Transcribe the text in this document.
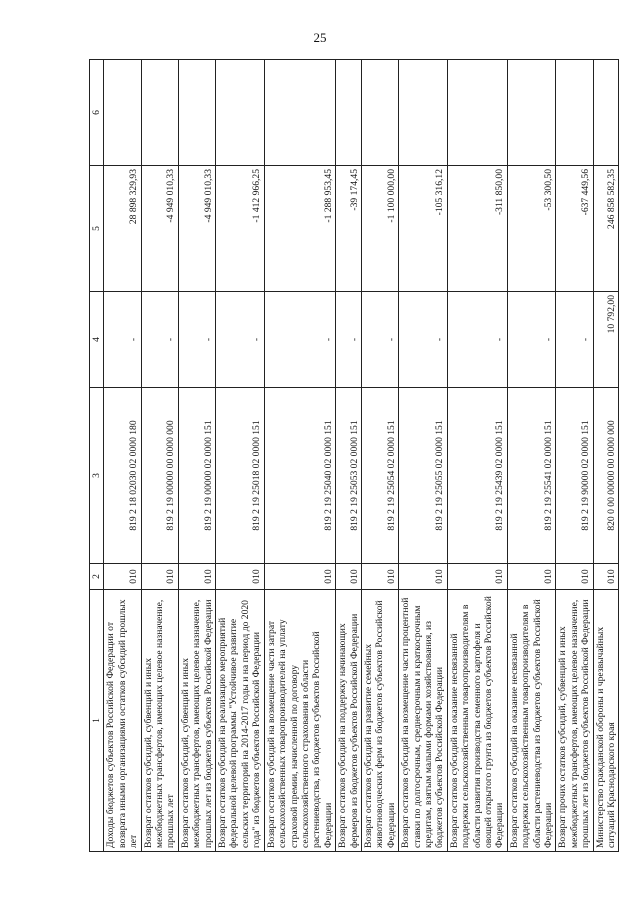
25
1	2	3	4	5	6
Доходы бюджетов субъектов Российской Федерации от возврата иными организациями остатков субсидий прошлых лет	010	819 2 18 02030 02 0000 180	-	28 898 329,93	
Возврат остатков субсидий, субвенций и иных межбюджетных трансфертов, имеющих целевое назначение, прошлых лет	010	819 2 19 00000 00 0000 000	-	-4 949 010,33	
Возврат остатков субсидий, субвенций и иных межбюджетных трансфертов, имеющих целевое назначение, прошлых лет из бюджетов субъектов Российской Федерации	010	819 2 19 00000 02 0000 151	-	-4 949 010,33	
Возврат остатков субсидий на реализацию мероприятий федеральной целевой программы "Устойчивое развитие сельских территорий на 2014-2017 годы и на период до 2020 года" из бюджетов субъектов Российской Федерации	010	819 2 19 25018 02 0000 151	-	-1 412 966,25	
Возврат остатков субсидий на возмещение части затрат сельскохозяйственных товаропроизводителей на уплату страховой премии, начисленной по договору сельскохозяйственного страхования в области растениеводства, из бюджетов субъектов Российской Федерации	010	819 2 19 25040 02 0000 151	-	-1 288 953,45	
Возврат остатков субсидий на поддержку начинающих фермеров из бюджетов субъектов Российской Федерации	010	819 2 19 25053 02 0000 151	-	-39 174,45	
Возврат остатков субсидий на развитие семейных животноводческих ферм из бюджетов субъектов Российской Федерации	010	819 2 19 25054 02 0000 151	-	-1 100 000,00	
Возврат остатков субсидий на возмещение части процентной ставки по долгосрочным, среднесрочным и краткосрочным кредитам, взятым малыми формами хозяйствования, из бюджетов субъектов Российской Федерации	010	819 2 19 25055 02 0000 151	-	-105 316,12	
Возврат остатков субсидий на оказание несвязанной поддержки сельскохозяйственным товаропроизводителям в области развития производства семенного картофеля и овощей открытого грунта из бюджетов субъектов Российской Федерации	010	819 2 19 25439 02 0000 151	-	-311 850,00	
Возврат остатков субсидий на оказание несвязанной поддержки сельскохозяйственным товаропроизводителям в области растениеводства из бюджетов субъектов Российской Федерации	010	819 2 19 25541 02 0000 151	-	-53 300,50	
Возврат прочих остатков субсидий, субвенций и иных межбюджетных трансфертов, имеющих целевое назначение, прошлых лет из бюджетов субъектов Российской Федерации	010	819 2 19 90000 02 0000 151	-	-637 449,56	
Министерство гражданской обороны и чрезвычайных ситуаций Краснодарского края	010	820 0 00 00000 00 0000 000	10 792,00	246 858 582,35	
